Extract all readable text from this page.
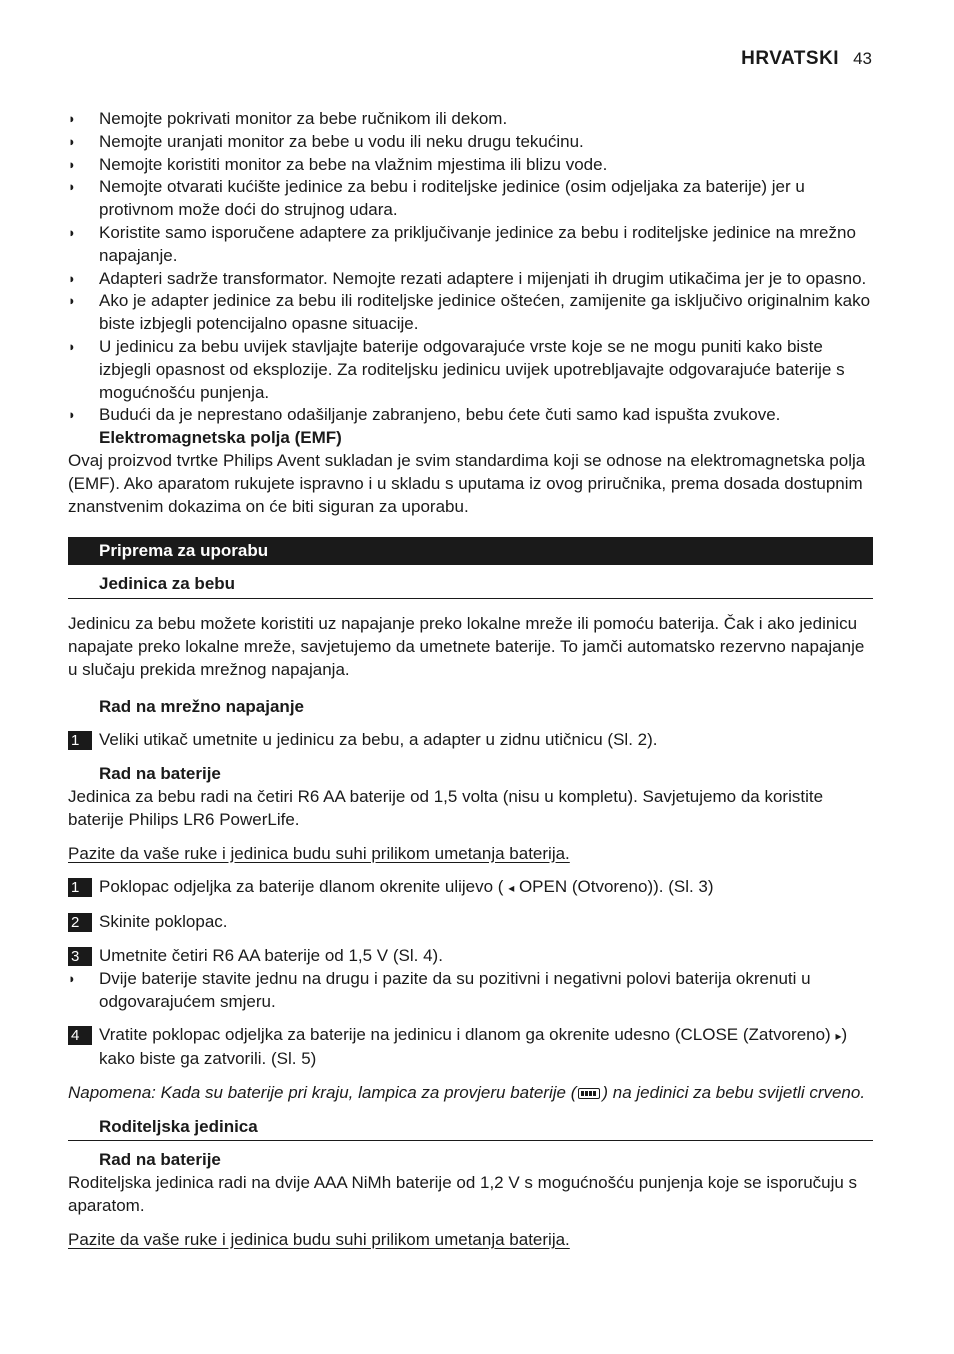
HRVATSKI 43
◗ Nemojte pokrivati monitor za bebe ručnikom ili dekom.
◗ Nemojte uranjati monitor za bebe u vodu ili neku drugu tekućinu.
◗ Nemojte koristiti monitor za bebe na vlažnim mjestima ili blizu vode.
◗ Nemojte otvarati kućište jedinice za bebu i roditeljske jedinice (osim odjeljaka za baterije) jer u protivnom može doći do strujnog udara.
◗ Koristite samo isporučene adaptere za priključivanje jedinice za bebu i roditeljske jedinice na mrežno napajanje.
◗ Adapteri sadrže transformator. Nemojte rezati adaptere i mijenjati ih drugim utikačima jer je to opasno.
◗ Ako je adapter jedinice za bebu ili roditeljske jedinice oštećen, zamijenite ga isključivo originalnim kako biste izbjegli potencijalno opasne situacije.
◗ U jedinicu za bebu uvijek stavljajte baterije odgovarajuće vrste koje se ne mogu puniti kako biste izbjegli opasnost od eksplozije. Za roditeljsku jedinicu uvijek upotrebljavajte odgovarajuće baterije s mogućnošću punjenja.
◗ Budući da je neprestano odašiljanje zabranjeno, bebu ćete čuti samo kad ispušta zvukove.
Elektromagnetska polja (EMF)

Ovaj proizvod tvrtke Philips Avent sukladan je svim standardima koji se odnose na elektromagnetska polja (EMF). Ako aparatom rukujete ispravno i u skladu s uputama iz ovog priručnika, prema dosada dostupnim znanstvenim dokazima on će biti siguran za uporabu.

Priprema za uporabu
Jedinica za bebu

Jedinicu za bebu možete koristiti uz napajanje preko lokalne mreže ili pomoću baterija. Čak i ako jedinicu napajate preko lokalne mreže, savjetujemo da umetnete baterije. To jamči automatsko rezervno napajanje u slučaju prekida mrežnog napajanja.

Rad na mrežno napajanje
1	Veliki utikač umetnite u jedinicu za bebu, a adapter u zidnu utičnicu (Sl. 2).
Rad na baterije

Jedinica za bebu radi na četiri R6 AA baterije od 1,5 volta (nisu u kompletu). Savjetujemo da koristite baterije Philips LR6 PowerLife.

Pazite da vaše ruke i jedinica budu suhi prilikom umetanja baterija.

1	Poklopac odjeljka za baterije dlanom okrenite ulijevo ( ◂ OPEN (Otvoreno)). (Sl. 3)
2	Skinite poklopac.
3	Umetnite četiri R6 AA baterije od 1,5 V (Sl. 4).
◗ Dvije baterije stavite jednu na drugu i pazite da su pozitivni i negativni polovi baterija okrenuti u odgovarajućem smjeru.
4	Vratite poklopac odjeljka za baterije na jedinicu i dlanom ga okrenite udesno (CLOSE (Zatvoreno) ▸) kako biste ga zatvorili. (Sl. 5)

Napomena: Kada su baterije pri kraju, lampica za provjeru baterije ( ) na jedinici za bebu svijetli crveno.

Roditeljska jedinica
Rad na baterije

Roditeljska jedinica radi na dvije AAA NiMh baterije od 1,2 V s mogućnošću punjenja koje se isporučuju s aparatom.

Pazite da vaše ruke i jedinica budu suhi prilikom umetanja baterija.
